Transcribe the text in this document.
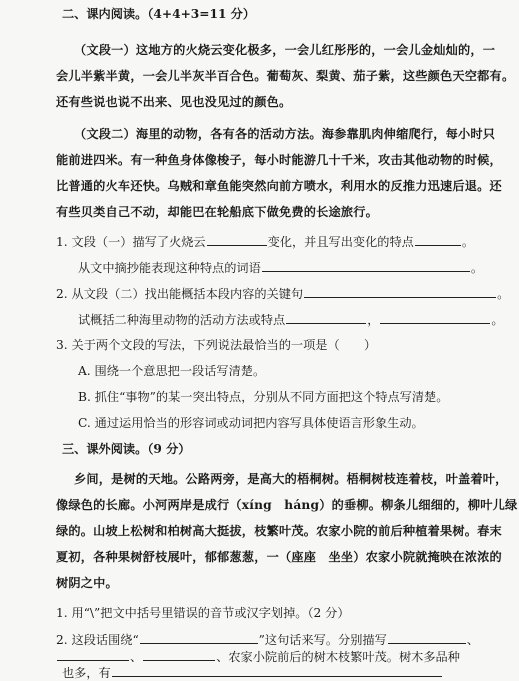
二、课内阅读。（4+4+3=11 分）
（文段一）这地方的火烧云变化极多，一会儿红彤彤的，一会儿金灿灿的，一
会儿半紫半黄，一会儿半灰半百合色。葡萄灰、梨黄、茄子紫，这些颜色天空都有。
还有些说也说不出来、见也没见过的颜色。
（文段二）海里的动物，各有各的活动方法。海参靠肌肉伸缩爬行，每小时只
能前进四米。有一种鱼身体像梭子，每小时能游几十千米，攻击其他动物的时候，
比普通的火车还快。乌贼和章鱼能突然向前方喷水，利用水的反推力迅速后退。还
有些贝类自己不动，却能巴在轮船底下做免费的长途旅行。
1. 文段（一）描写了火烧云	变化，并且写出变化的特点	。
从文中摘抄能表现这种特点的词语	。
2. 从文段（二）找出能概括本段内容的关键句	。
试概括二种海里动物的活动方法或特点	，	。
3. 关于两个文段的写法，下列说法最恰当的一项是（　　）
A. 围绕一个意思把一段话写清楚。
B. 抓住“事物”的某一突出特点，分别从不同方面把这个特点写清楚。
C. 通过运用恰当的形容词或动词把内容写具体使语言形象生动。
三、课外阅读。（9 分）
乡间，是树的天地。公路两旁，是高大的梧桐树。梧桐树枝连着枝，叶盖着叶，
像绿色的长廊。小河两岸是成行（xíng　háng）的垂柳。柳条儿细细的，柳叶儿绿
绿的。山坡上松树和柏树高大挺拔，枝繁叶茂。农家小院的前后种植着果树。春末
夏初，各种果树舒枝展叶，郁郁葱葱，一（座座　坐坐）农家小院就掩映在浓浓的
树阴之中。
1. 用“\”把文中括号里错误的音节或汉字划掉。（2 分）
2. 这段话围绕“	”这句话来写。分别描写	、
、	、农家小院前后的树木枝繁叶茂。树木多品种
也多，有
